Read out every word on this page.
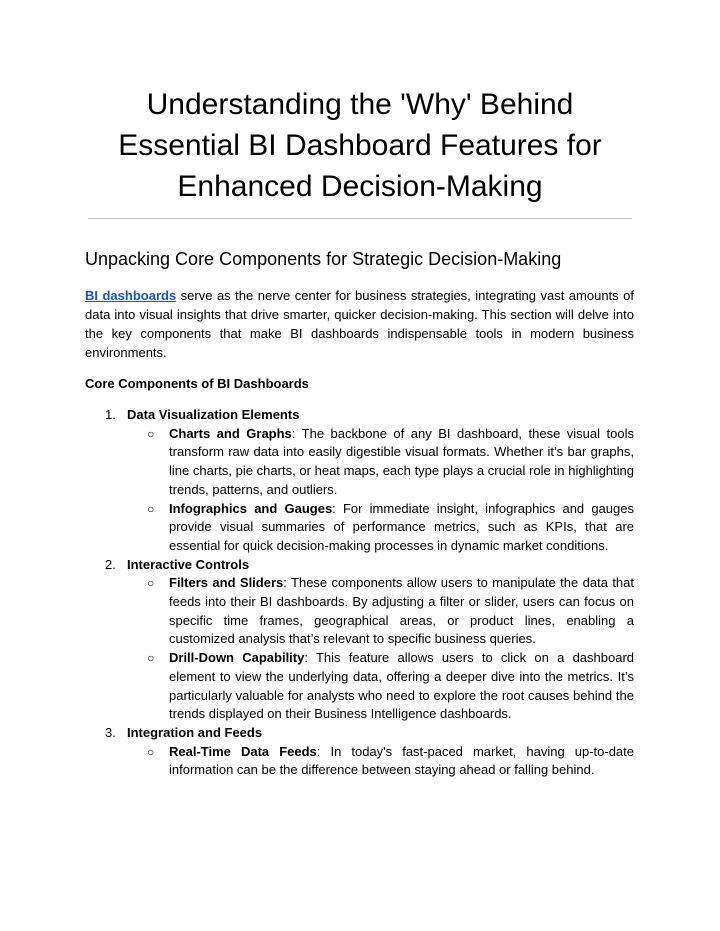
Understanding the 'Why' Behind
Essential BI Dashboard Features for
Enhanced Decision-Making
Unpacking Core Components for Strategic Decision-Making

BI dashboards serve as the nerve center for business strategies, integrating vast amounts of data into visual insights that drive smarter, quicker decision-making. This section will delve into the key components that make BI dashboards indispensable tools in modern business environments.

Core Components of BI Dashboards
1. Data Visualization Elements
○ Charts and Graphs: The backbone of any BI dashboard, these visual tools transform raw data into easily digestible visual formats. Whether it’s bar graphs, line charts, pie charts, or heat maps, each type plays a crucial role in highlighting trends, patterns, and outliers.
○ Infographics and Gauges: For immediate insight, infographics and gauges provide visual summaries of performance metrics, such as KPIs, that are essential for quick decision-making processes in dynamic market conditions.
2. Interactive Controls
○ Filters and Sliders: These components allow users to manipulate the data that feeds into their BI dashboards. By adjusting a filter or slider, users can focus on specific time frames, geographical areas, or product lines, enabling a customized analysis that’s relevant to specific business queries.
○ Drill-Down Capability: This feature allows users to click on a dashboard element to view the underlying data, offering a deeper dive into the metrics. It’s particularly valuable for analysts who need to explore the root causes behind the trends displayed on their Business Intelligence dashboards.
3. Integration and Feeds
○ Real-Time Data Feeds: In today's fast-paced market, having up-to-date information can be the difference between staying ahead or falling behind.
